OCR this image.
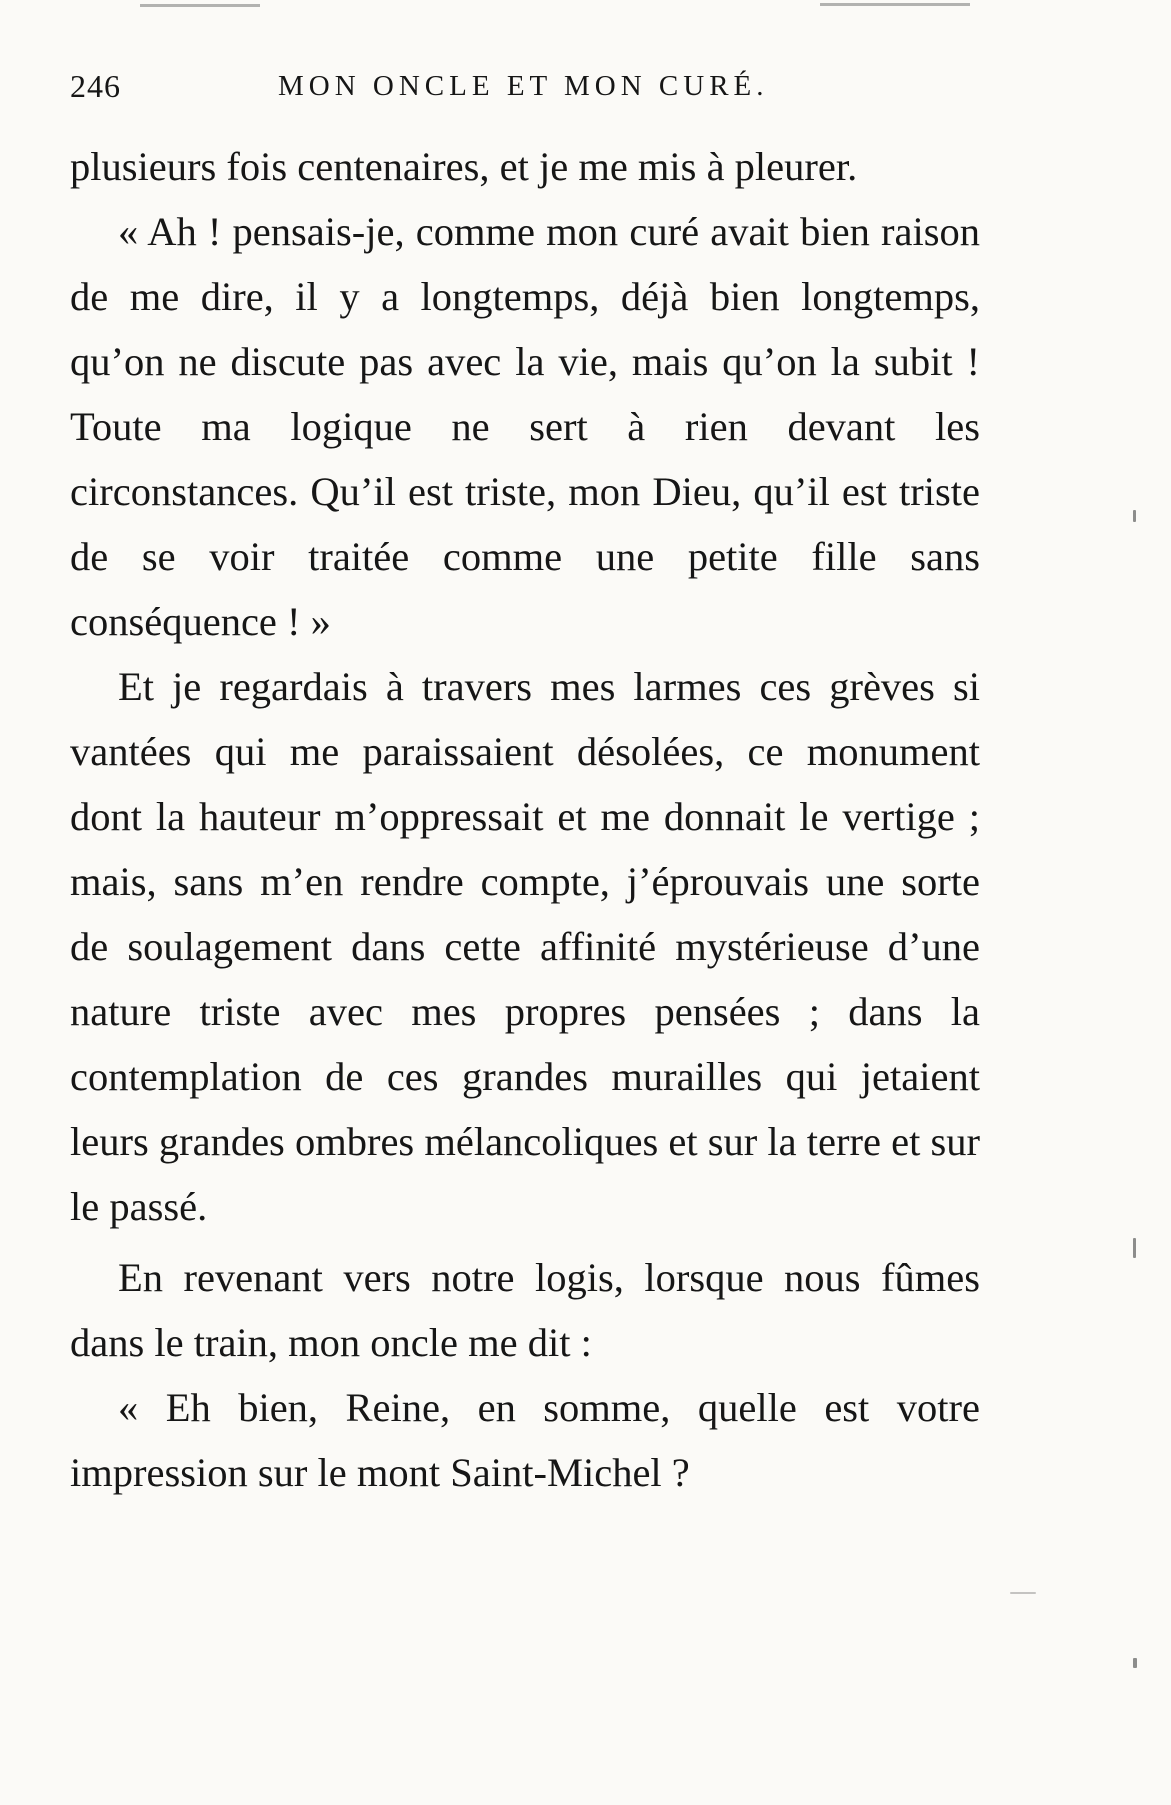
246	MON ONCLE ET MON CURÉ.

plusieurs fois centenaires, et je me mis à pleurer.

« Ah ! pensais-je, comme mon curé avait bien raison de me dire, il y a longtemps, déjà bien longtemps, qu’on ne discute pas avec la vie, mais qu’on la subit ! Toute ma logique ne sert à rien devant les circonstances. Qu’il est triste, mon Dieu, qu’il est triste de se voir traitée comme une petite fille sans conséquence ! »

Et je regardais à travers mes larmes ces grèves si vantées qui me paraissaient désolées, ce monument dont la hauteur m’oppressait et me donnait le vertige ; mais, sans m’en rendre compte, j’éprouvais une sorte de soulagement dans cette affinité mystérieuse d’une nature triste avec mes propres pensées ; dans la contemplation de ces grandes murailles qui jetaient leurs grandes ombres mélancoliques et sur la terre et sur le passé.

En revenant vers notre logis, lorsque nous fûmes dans le train, mon oncle me dit :

« Eh bien, Reine, en somme, quelle est votre impression sur le mont Saint-Michel ?
